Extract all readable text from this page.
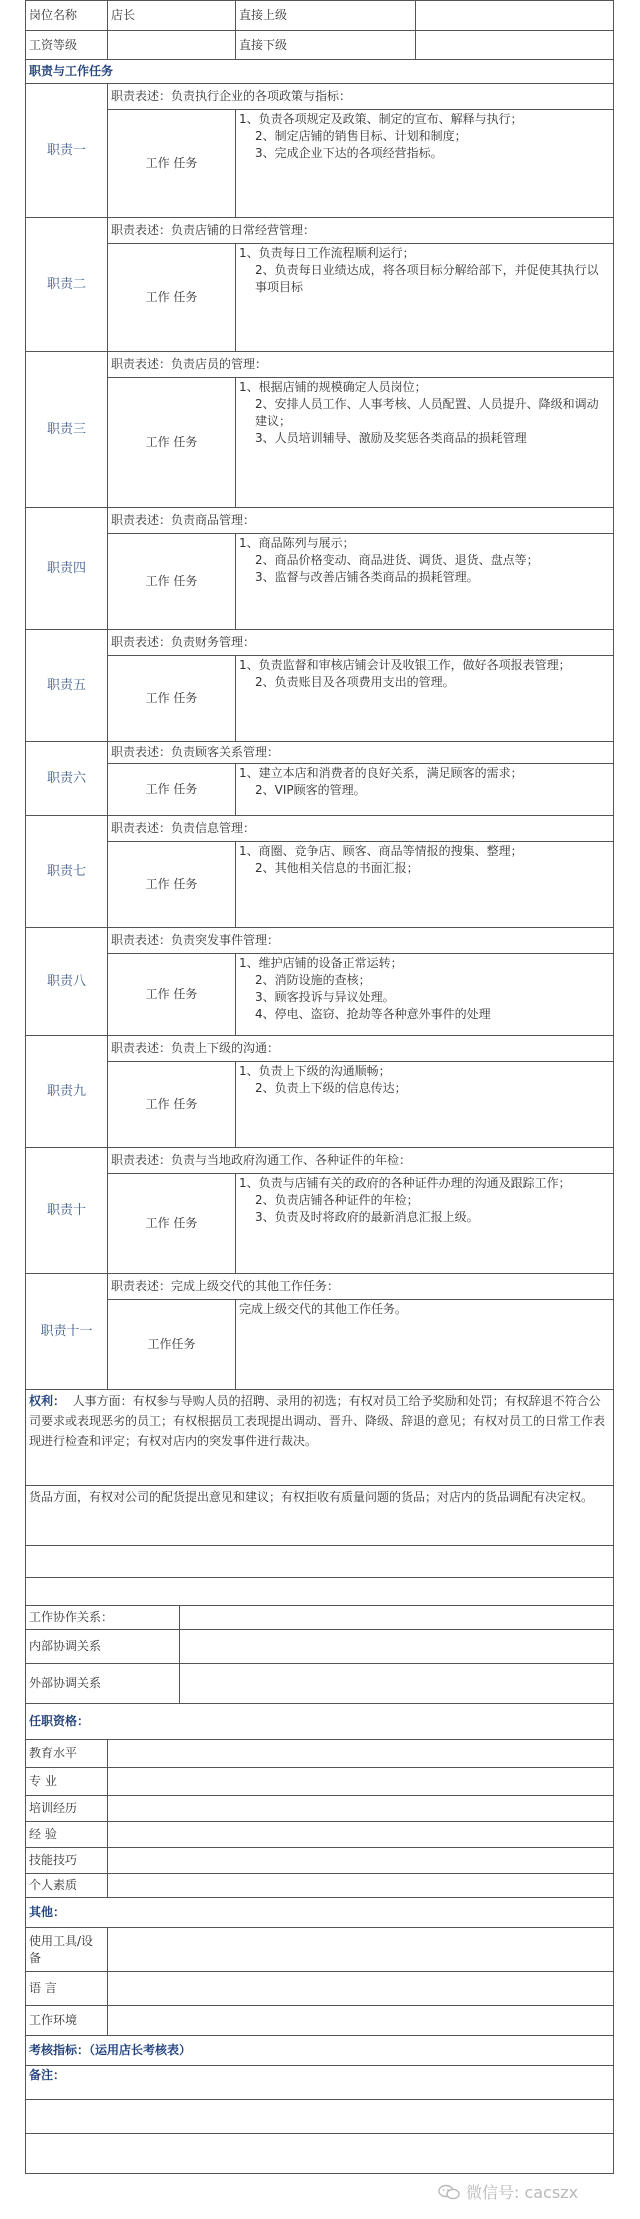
岗位名称	店长		直接上级	
工资等级			直接下级	
职责与工作任务				
职责一	职责表述：负责执行企业的各项政策与指标：			
	工作 任务		1、负责各项规定及政策、制定的宣布、解释与执行；
2、制定店铺的销售目标、计划和制度；
3、完成企业下达的各项经营指标。	

职责二	职责表述：负责店铺的日常经营管理：			
	工作 任务		1、负责每日工作流程顺利运行；
2、负责每日业绩达成，将各项目标分解给部下，并促使其执行以事项目标	

职责三	职责表述：负责店员的管理：			
	工作 任务		1、根据店铺的规模确定人员岗位；
2、安排人员工作、人事考核、人员配置、人员提升、降级和调动建议；
3、人员培训辅导、激励及奖惩各类商品的损耗管理	

职责四	职责表述：负责商品管理：			
	工作 任务		1、商品陈列与展示；
2、商品价格变动、商品进货、调货、退货、盘点等；
3、监督与改善店铺各类商品的损耗管理。	

职责五	职责表述：负责财务管理：			
	工作 任务		1、负责监督和审核店铺会计及收银工作，做好各项报表管理；
2、负责账目及各项费用支出的管理。	

职责六	职责表述：负责顾客关系管理：			
	工作 任务		1、建立本店和消费者的良好关系，满足顾客的需求；
2、VIP顾客的管理。	

职责七	职责表述：负责信息管理：			
	工作 任务		1、商圈、竞争店、顾客、商品等情报的搜集、整理；
2、其他相关信息的书面汇报；	

职责八	职责表述：负责突发事件管理：			
	工作 任务		1、维护店铺的设备正常运转；
2、消防设施的查核；
3、顾客投诉与异议处理。
4、停电、盗窃、抢劫等各种意外事件的处理	

职责九	职责表述：负责上下级的沟通：			
	工作 任务		1、负责上下级的沟通顺畅；
2、负责上下级的信息传达；	

职责十	职责表述：负责与当地政府沟通工作、各种证件的年检：			
	工作 任务		1、负责与店铺有关的政府的各种证件办理的沟通及跟踪工作；
2、负责店铺各种证件的年检；
3、负责及时将政府的最新消息汇报上级。	

职责十一	职责表述：完成上级交代的其他工作任务：			
	工作任务		完成上级交代的其他工作任务。	

权利： 人事方面：有权参与导购人员的招聘、录用的初选；有权对员工给予奖励和处罚；有权辞退不符合公司要求或表现恶劣的员工；有权根据员工表现提出调动、晋升、降级、辞退的意见；有权对员工的日常工作表现进行检查和评定；有权对店内的突发事件进行裁决。				
货品方面，有权对公司的配货提出意见和建议；有权拒收有质量问题的货品；对店内的货品调配有决定权。				

工作协作关系：				
内部协调关系				
外部协调关系				
任职资格：				
教育水平				
专 业				
培训经历				
经 验				
技能技巧				
个人素质				
其他：				
使用工具/设备				
语 言				
工作环境				
考核指标：（运用店长考核表）				
备注：				

微信号: cacszx
